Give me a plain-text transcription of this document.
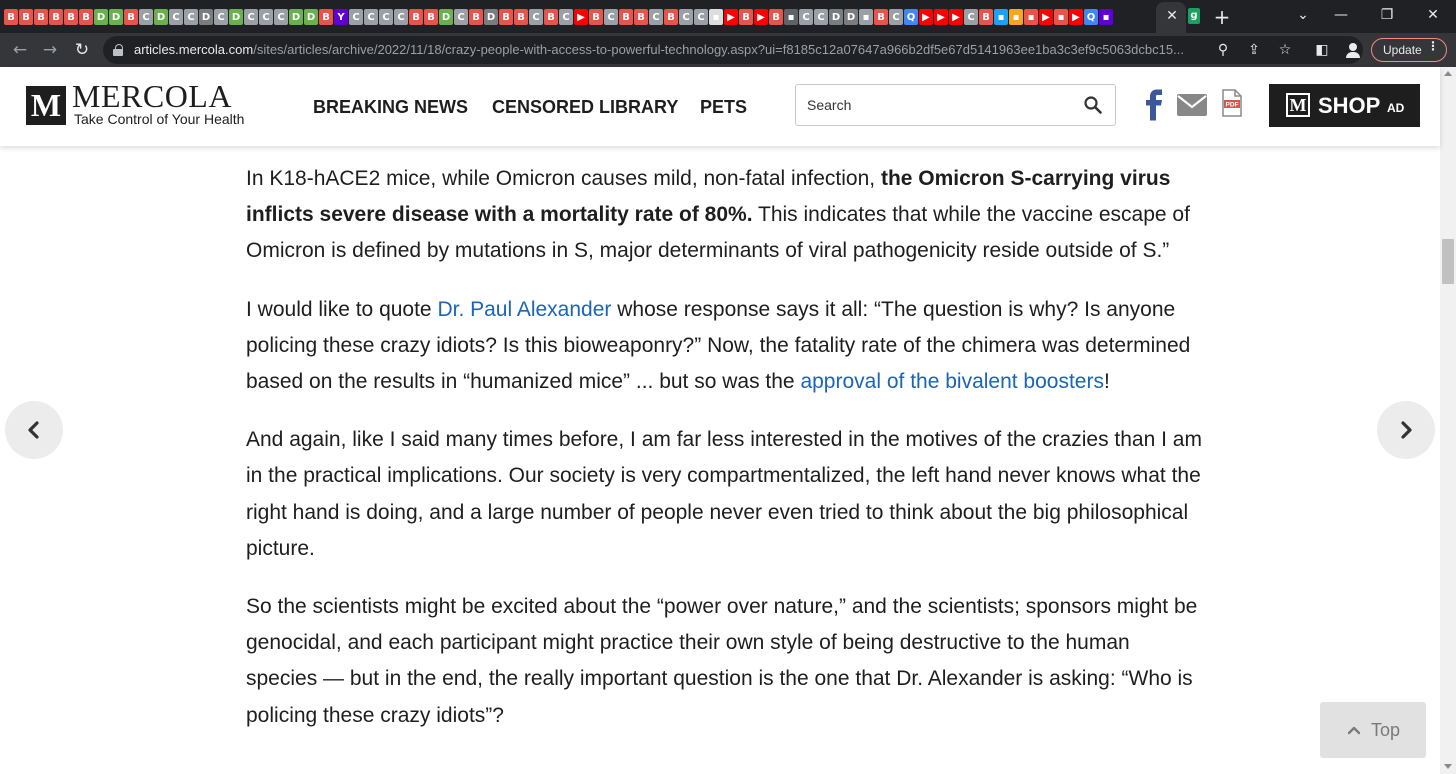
B B B B B B D D B C D C C D C D C C C D D B Y C C C C B B D C B D B B C B C ▶ B C B B C B C C ▪ ▶ B ▶ B ▪ C C D D ▪ B C Q ▶ ▶ ▶ C B ▪ ▪ ▪ ▶ ▪ ▶ Q ▪	✕	g +	⌄	—	❐	✕
← →	↻	articles.mercola.com/sites/articles/archive/2022/11/18/crazy-people-with-access-to-powerful-technology.aspx?ui=f8185c12a07647a966b2df5e67d5141963ee1ba3c3ef9c5063dcbc15...	⚲	⇪ ☆ ◧	Update ⋮
M MERCOLA
Take Control of Your Health
BREAKING NEWS CENSORED LIBRARY PETS
Search	PDF	M SHOP AD

In K18-hACE2 mice, while Omicron causes mild, non-fatal infection, the Omicron S-carrying virus inflicts severe disease with a mortality rate of 80%. This indicates that while the vaccine escape of Omicron is defined by mutations in S, major determinants of viral pathogenicity reside outside of S.”

I would like to quote Dr. Paul Alexander whose response says it all: “The question is why? Is anyone policing these crazy idiots? Is this bioweaponry?” Now, the fatality rate of the chimera was determined based on the results in “humanized mice” ... but so was the approval of the bivalent boosters!

And again, like I said many times before, I am far less interested in the motives of the crazies than I am in the practical implications. Our society is very compartmentalized, the left hand never knows what the right hand is doing, and a large number of people never even tried to think about the big philosophical picture.

So the scientists might be excited about the “power over nature,” and the scientists; sponsors might be genocidal, and each participant might practice their own style of being destructive to the human species — but in the end, the really important question is the one that Dr. Alexander is asking: “Who is policing these crazy idiots”?

Top
